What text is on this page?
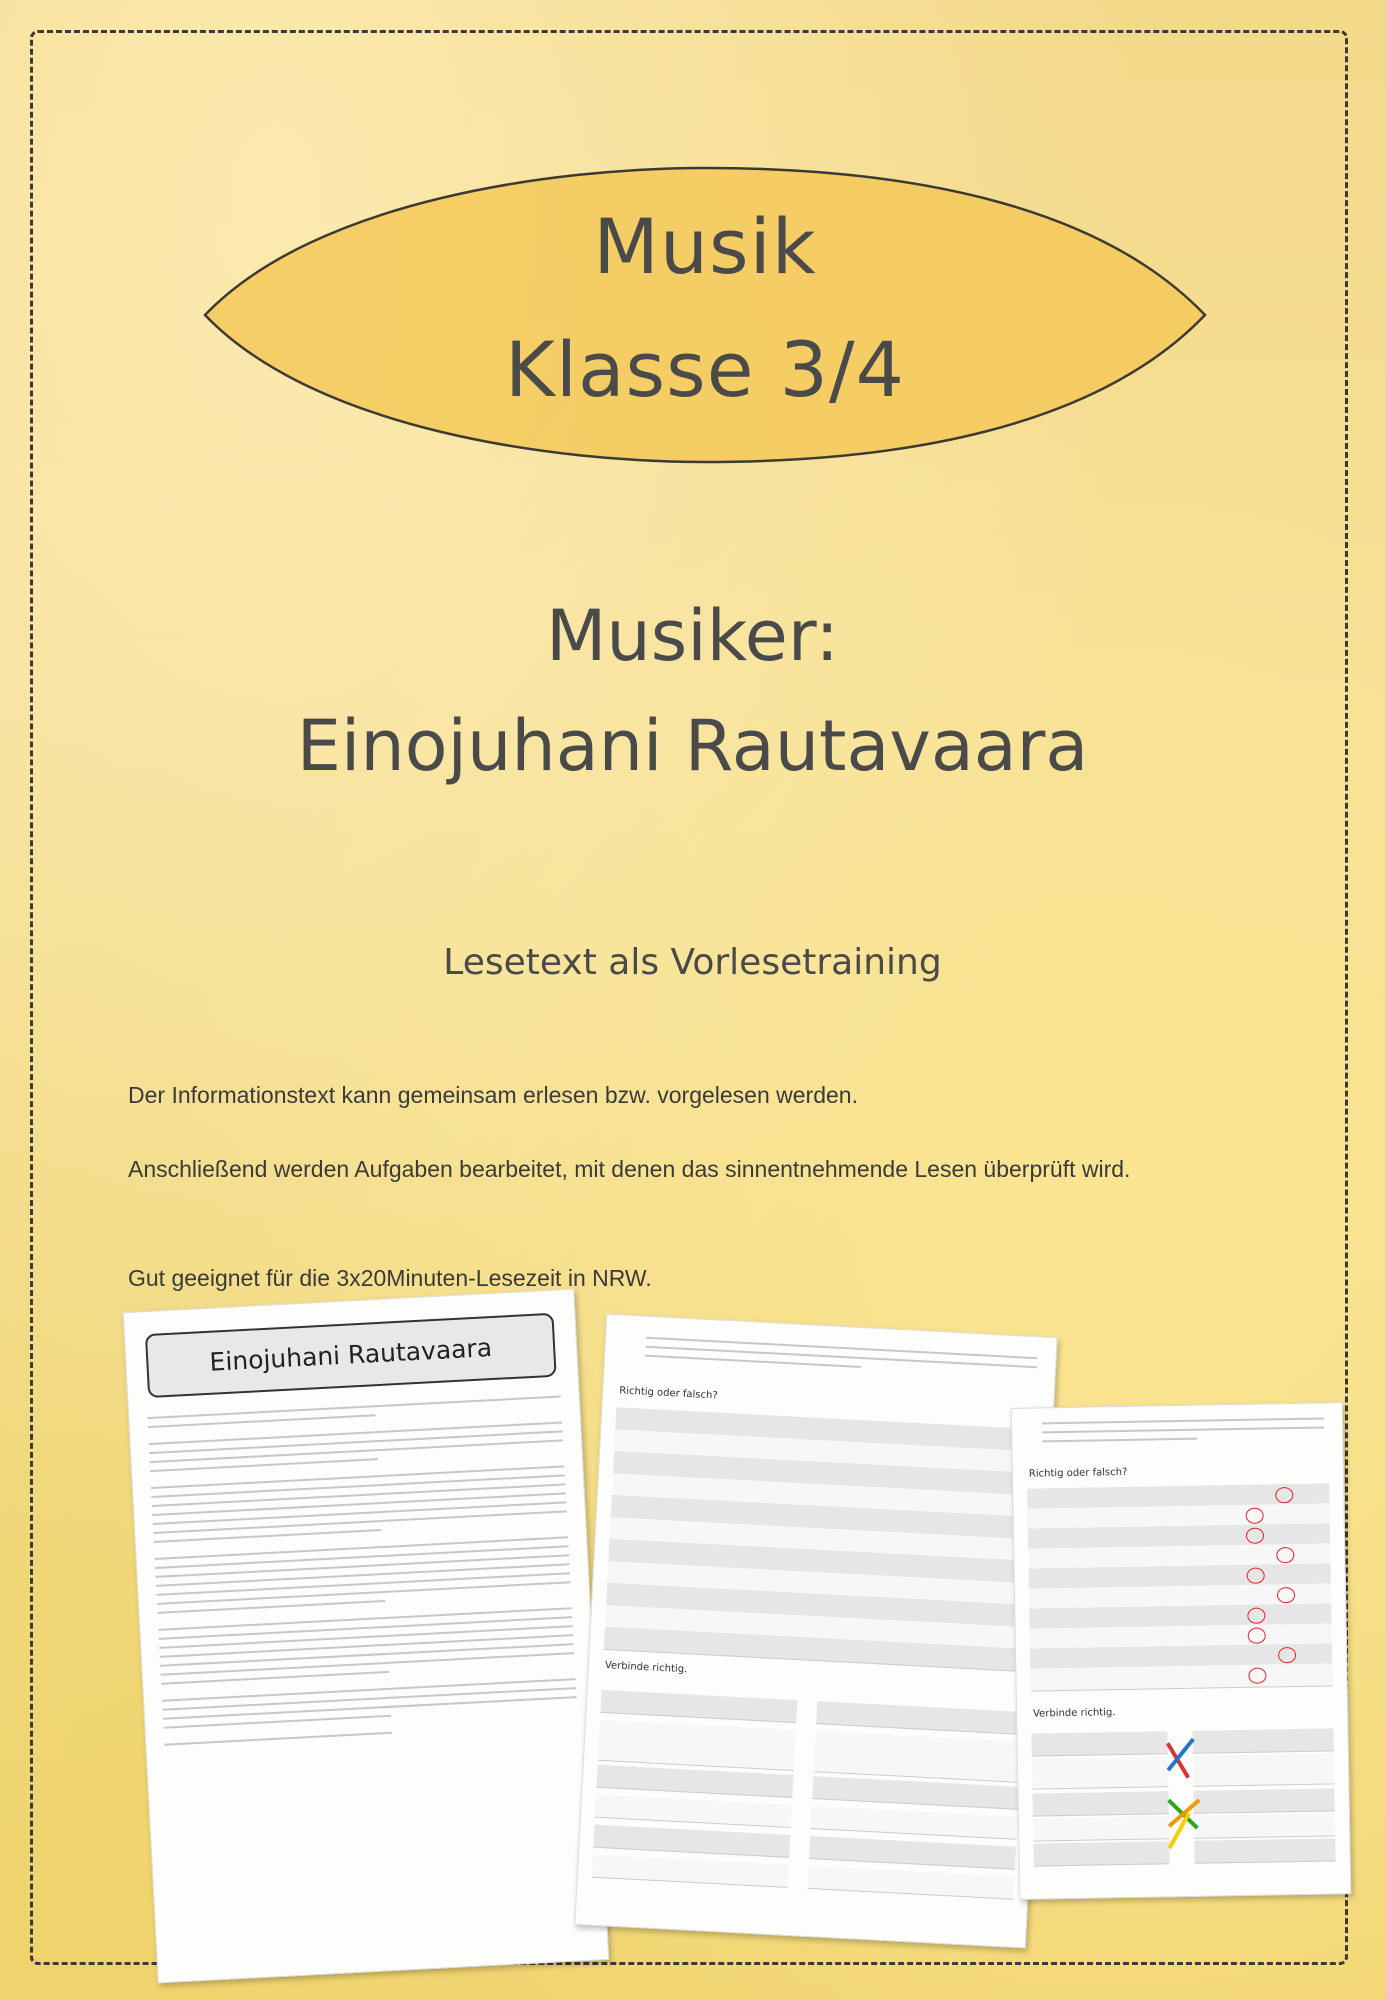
Musik
Klasse 3/4
Musiker:
Einojuhani Rautavaara
Lesetext als Vorlesetraining
Der Informationstext kann gemeinsam erlesen bzw. vorgelesen werden.
Anschließend werden Aufgaben bearbeitet, mit denen das sinnentnehmende Lesen überprüft wird.
Gut geeignet für die 3x20Minuten-Lesezeit in NRW.
Einojuhani Rautavaara
Richtig oder falsch?
Verbinde richtig.
Richtig oder falsch?
Verbinde richtig.
